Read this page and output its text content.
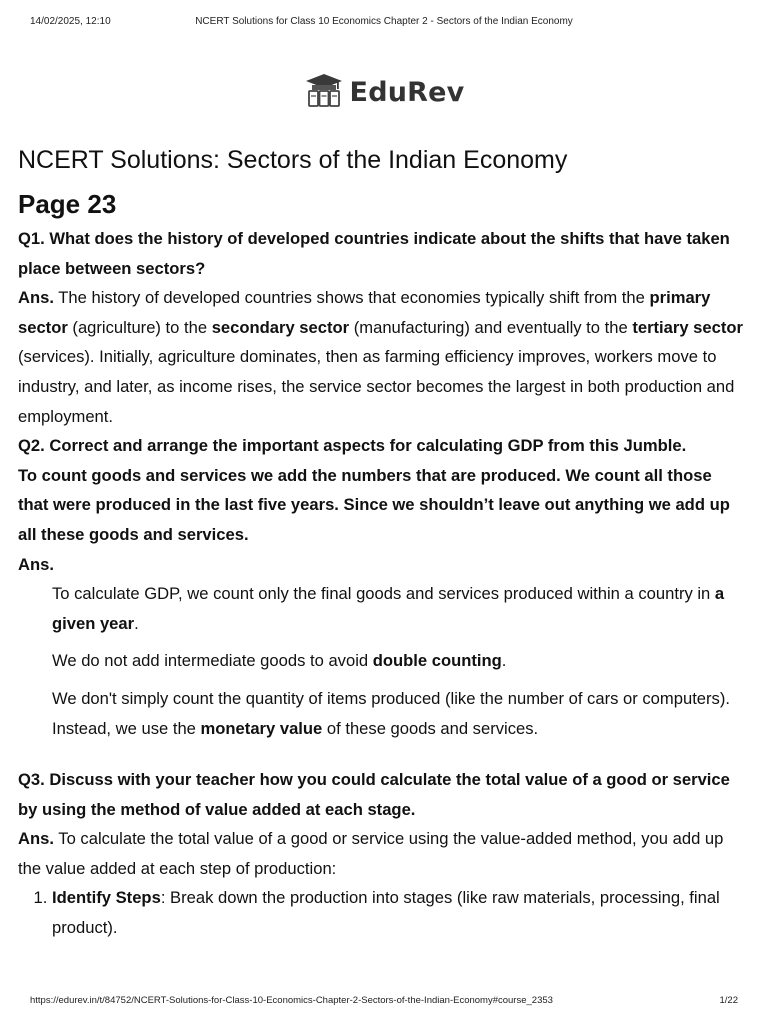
14/02/2025, 12:10	NCERT Solutions for Class 10 Economics Chapter 2 - Sectors of the Indian Economy
EduRev
NCERT Solutions: Sectors of the Indian Economy
Page 23

Q1. What does the history of developed countries indicate about the shifts that have taken place between sectors?

Ans. The history of developed countries shows that economies typically shift from the primary sector (agriculture) to the secondary sector (manufacturing) and eventually to the tertiary sector (services). Initially, agriculture dominates, then as farming efficiency improves, workers move to industry, and later, as income rises, the service sector becomes the largest in both production and employment.

Q2. Correct and arrange the important aspects for calculating GDP from this Jumble.

To count goods and services we add the numbers that are produced. We count all those that were produced in the last five years. Since we shouldn’t leave out anything we add up all these goods and services.

Ans.

To calculate GDP, we count only the final goods and services produced within a country in a given year.

We do not add intermediate goods to avoid double counting.

We don't simply count the quantity of items produced (like the number of cars or computers). Instead, we use the monetary value of these goods and services.

Q3. Discuss with your teacher how you could calculate the total value of a good or service by using the method of value added at each stage.

Ans. To calculate the total value of a good or service using the value-added method, you add up the value added at each step of production:

1. Identify Steps: Break down the production into stages (like raw materials, processing, final product).
https://edurev.in/t/84752/NCERT-Solutions-for-Class-10-Economics-Chapter-2-Sectors-of-the-Indian-Economy#course_2353	1/22
